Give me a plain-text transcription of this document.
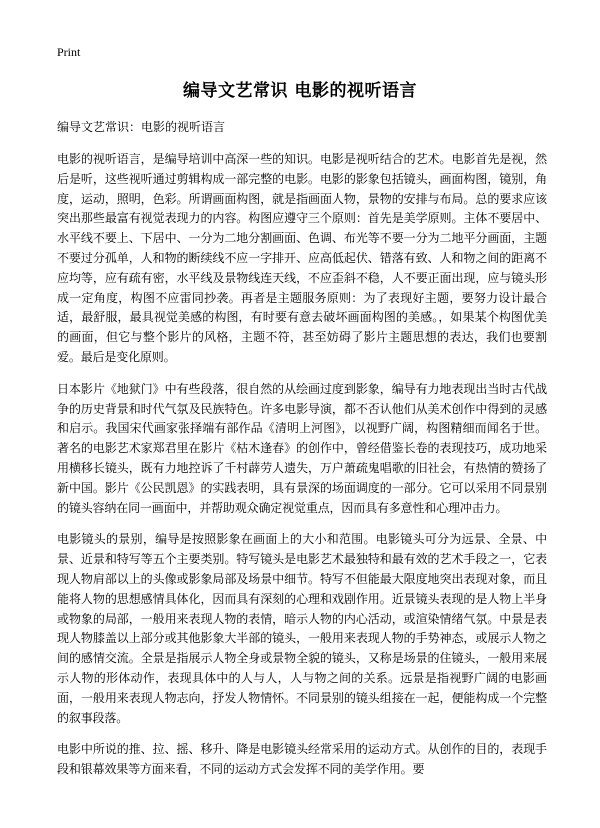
Print
编导文艺常识 电影的视听语言

编导文艺常识：电影的视听语言

电影的视听语言，是编导培训中高深一些的知识。电影是视听结合的艺术。电影首先是视，然后是听，这些视听通过剪辑构成一部完整的电影。电影的影象包括镜头，画面构图，镜别，角度，运动，照明，色彩。所谓画面构图，就是指画面人物，景物的安排与布局。总的要求应该突出那些最富有视觉表现力的内容。构图应遵守三个原则：首先是美学原则。主体不要居中、水平线不要上、下居中、一分为二地分割画面、色调、布光等不要一分为二地平分画面，主题不要过分孤单，人和物的断续线不应一字排开、应高低起伏、错落有致、人和物之间的距离不应均等，应有疏有密，水平线及景物线连天线，不应歪斜不稳，人不要正面出现，应与镜头形成一定角度，构图不应雷同抄袭。再者是主题服务原则：为了表现好主题，要努力设计最合适，最舒服，最具视觉美感的构图，有时要有意去破坏画面构图的美感。，如果某个构图优美的画面，但它与整个影片的风格，主题不符，甚至妨碍了影片主题思想的表达，我们也要割爱。最后是变化原则。

日本影片《地狱门》中有些段落，很自然的从绘画过度到影象，编导有力地表现出当时古代战争的历史背景和时代气氛及民族特色。许多电影导演，都不否认他们从美术创作中得到的灵感和启示。我国宋代画家张择端有部作品《清明上河图》，以视野广阔，构图精细而闻名于世。著名的电影艺术家郑君里在影片《枯木逢春》的创作中，曾经借鉴长卷的表现技巧，成功地采用横移长镜头，既有力地控诉了千村薜劳人遗失，万户萧疏鬼唱歌的旧社会，有热情的赞扬了新中国。影片《公民凯恩》的实践表明，具有景深的场面调度的一部分。它可以采用不同景别的镜头容纳在同一画面中，并帮助观众确定视觉重点，因而具有多意性和心理冲击力。

电影镜头的景别，编导是按照影象在画面上的大小和范围。电影镜头可分为远景、全景、中景、近景和特写等五个主要类别。特写镜头是电影艺术最独特和最有效的艺术手段之一，它表现人物肩部以上的头像或影象局部及场景中细节。特写不但能最大限度地突出表现对象，而且能将人物的思想感情具体化，因而具有深刻的心理和戏剧作用。近景镜头表现的是人物上半身或物象的局部，一般用来表现人物的表情，暗示人物的内心活动，或渲染情绪气氛。中景是表现人物膝盖以上部分或其他影象大半部的镜头，一般用来表现人物的手势神态，或展示人物之间的感情交流。全景是指展示人物全身或景物全貌的镜头，又称是场景的住镜头，一般用来展示人物的形体动作，表现具体中的人与人，人与物之间的关系。远景是指视野广阔的电影画面，一般用来表现人物志向，抒发人物情怀。不同景别的镜头组接在一起，便能构成一个完整的叙事段落。

电影中所说的推、拉、摇、移升、降是电影镜头经常采用的运动方式。从创作的目的，表现手段和银幕效果等方面来看，不同的运动方式会发挥不同的美学作用。要
